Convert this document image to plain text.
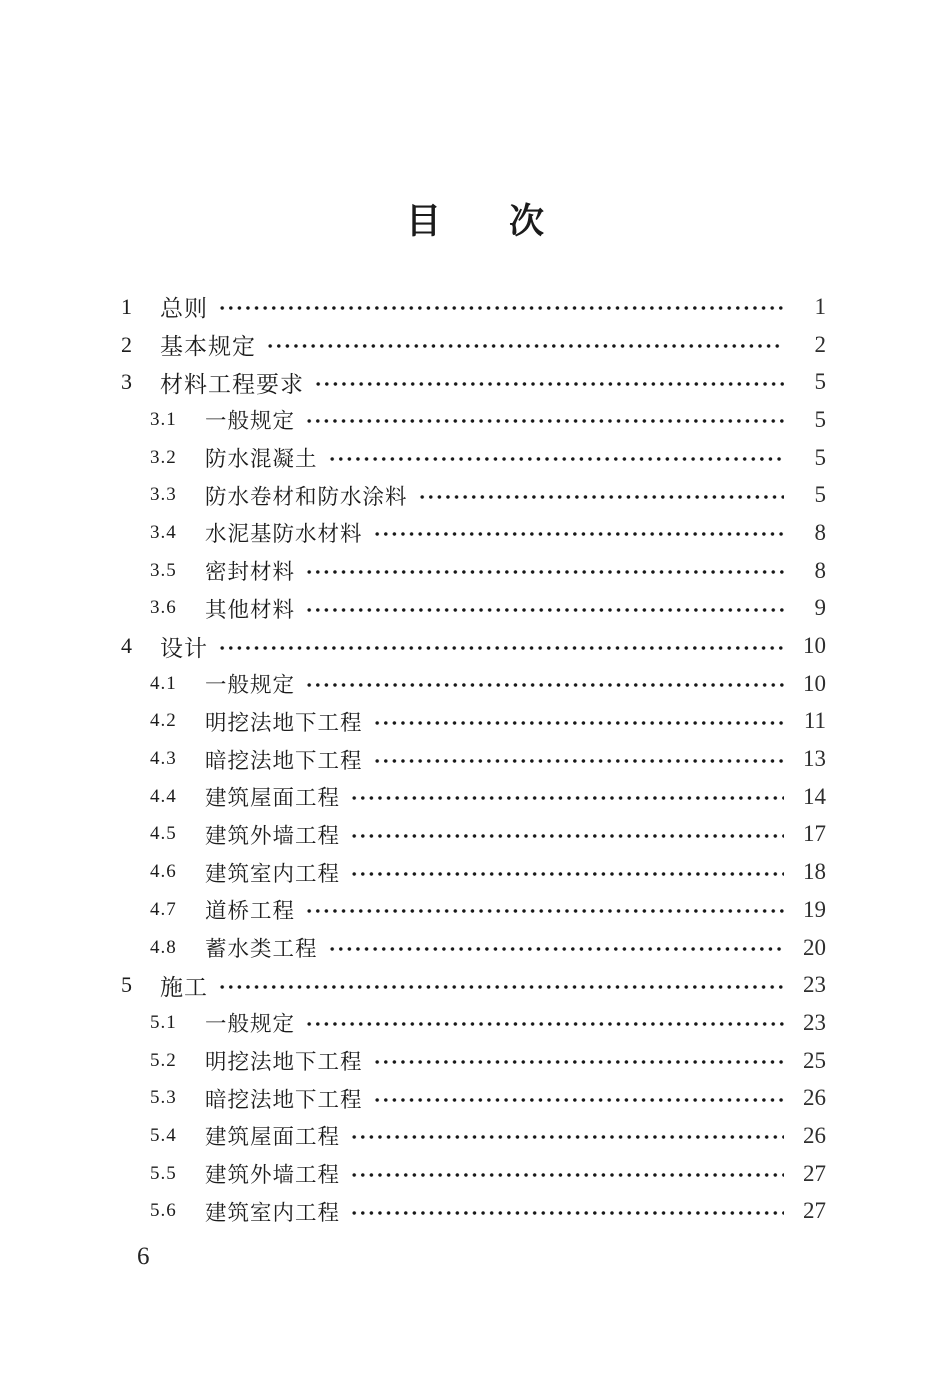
目 次
1	总则	1
2	基本规定	2
3	材料工程要求	5
3.1	一般规定	5
3.2	防水混凝土	5
3.3	防水卷材和防水涂料	5
3.4	水泥基防水材料	8
3.5	密封材料	8
3.6	其他材料	9
4	设计	10
4.1	一般规定	10
4.2	明挖法地下工程	11
4.3	暗挖法地下工程	13
4.4	建筑屋面工程	14
4.5	建筑外墙工程	17
4.6	建筑室内工程	18
4.7	道桥工程	19
4.8	蓄水类工程	20
5	施工	23
5.1	一般规定	23
5.2	明挖法地下工程	25
5.3	暗挖法地下工程	26
5.4	建筑屋面工程	26
5.5	建筑外墙工程	27
5.6	建筑室内工程	27
6
